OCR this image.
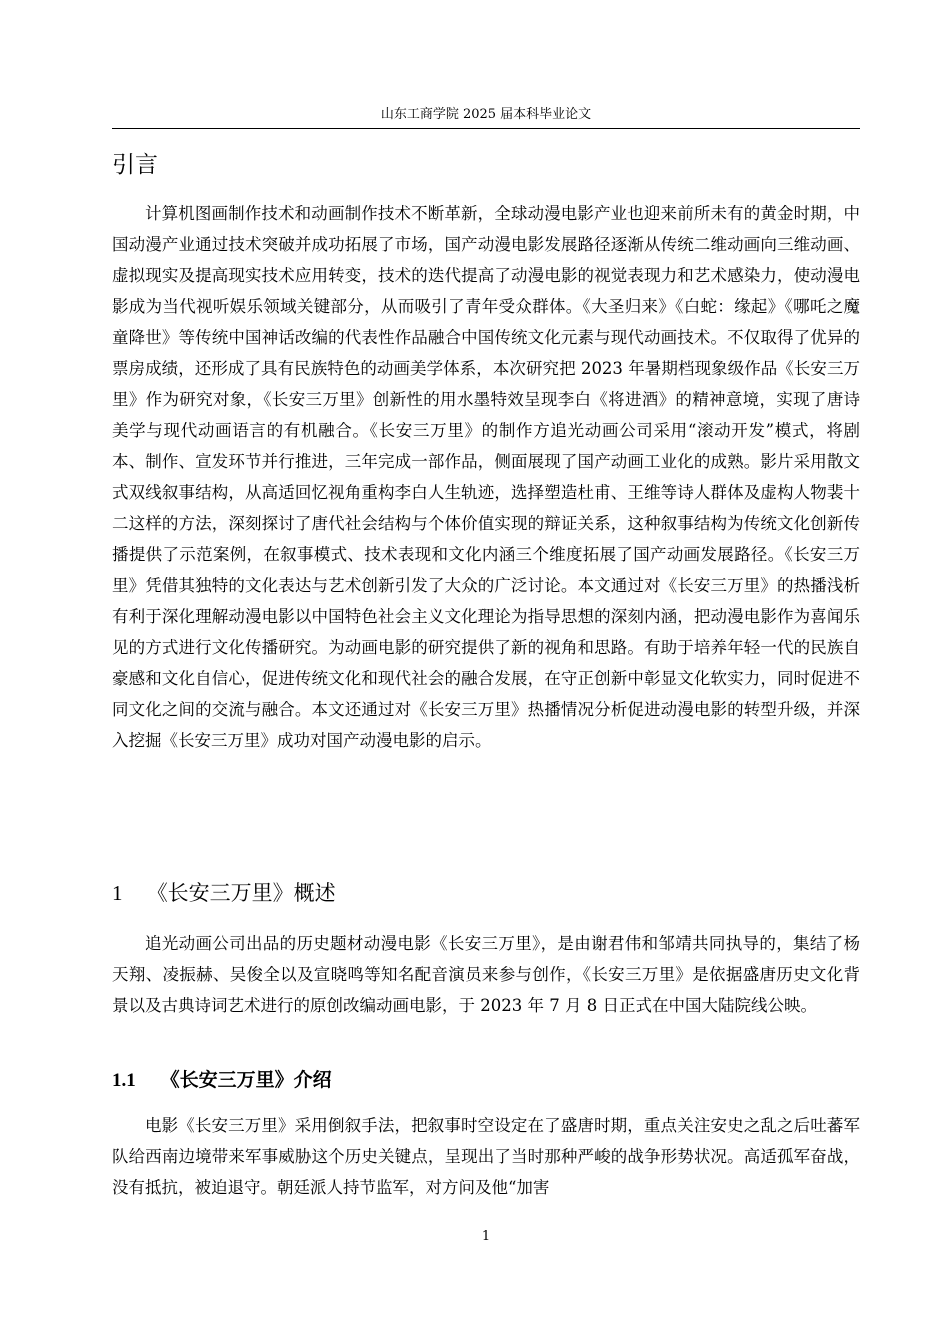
山东工商学院 2025 届本科毕业论文
引言

计算机图画制作技术和动画制作技术不断革新，全球动漫电影产业也迎来前所未有的黄金时期，中国动漫产业通过技术突破并成功拓展了市场，国产动漫电影发展路径逐渐从传统二维动画向三维动画、虚拟现实及提高现实技术应用转变，技术的迭代提高了动漫电影的视觉表现力和艺术感染力，使动漫电影成为当代视听娱乐领域关键部分，从而吸引了青年受众群体。《大圣归来》《白蛇：缘起》《哪吒之魔童降世》等传统中国神话改编的代表性作品融合中国传统文化元素与现代动画技术。不仅取得了优异的票房成绩，还形成了具有民族特色的动画美学体系，本次研究把 2023 年暑期档现象级作品《长安三万里》作为研究对象，《长安三万里》创新性的用水墨特效呈现李白《将进酒》的精神意境，实现了唐诗美学与现代动画语言的有机融合。《长安三万里》的制作方追光动画公司采用“滚动开发”模式，将剧本、制作、宣发环节并行推进，三年完成一部作品，侧面展现了国产动画工业化的成熟。影片采用散文式双线叙事结构，从高适回忆视角重构李白人生轨迹，选择塑造杜甫、王维等诗人群体及虚构人物裴十二这样的方法，深刻探讨了唐代社会结构与个体价值实现的辩证关系，这种叙事结构为传统文化创新传播提供了示范案例，在叙事模式、技术表现和文化内涵三个维度拓展了国产动画发展路径。《长安三万里》凭借其独特的文化表达与艺术创新引发了大众的广泛讨论。本文通过对《长安三万里》的热播浅析有利于深化理解动漫电影以中国特色社会主义文化理论为指导思想的深刻内涵，把动漫电影作为喜闻乐见的方式进行文化传播研究。为动画电影的研究提供了新的视角和思路。有助于培养年轻一代的民族自豪感和文化自信心，促进传统文化和现代社会的融合发展，在守正创新中彰显文化软实力，同时促进不同文化之间的交流与融合。本文还通过对《长安三万里》热播情况分析促进动漫电影的转型升级，并深入挖掘《长安三万里》成功对国产动漫电影的启示。

1 《长安三万里》概述

追光动画公司出品的历史题材动漫电影《长安三万里》，是由谢君伟和邹靖共同执导的，集结了杨天翔、凌振赫、吴俊全以及宣晓鸣等知名配音演员来参与创作，《长安三万里》是依据盛唐历史文化背景以及古典诗词艺术进行的原创改编动画电影，于 2023 年 7 月 8 日正式在中国大陆院线公映。

1.1 《长安三万里》介绍

电影《长安三万里》采用倒叙手法，把叙事时空设定在了盛唐时期，重点关注安史之乱之后吐蕃军队给西南边境带来军事威胁这个历史关键点，呈现出了当时那种严峻的战争形势状况。高适孤军奋战，没有抵抗，被迫退守。朝廷派人持节监军，对方问及他“加害

1
